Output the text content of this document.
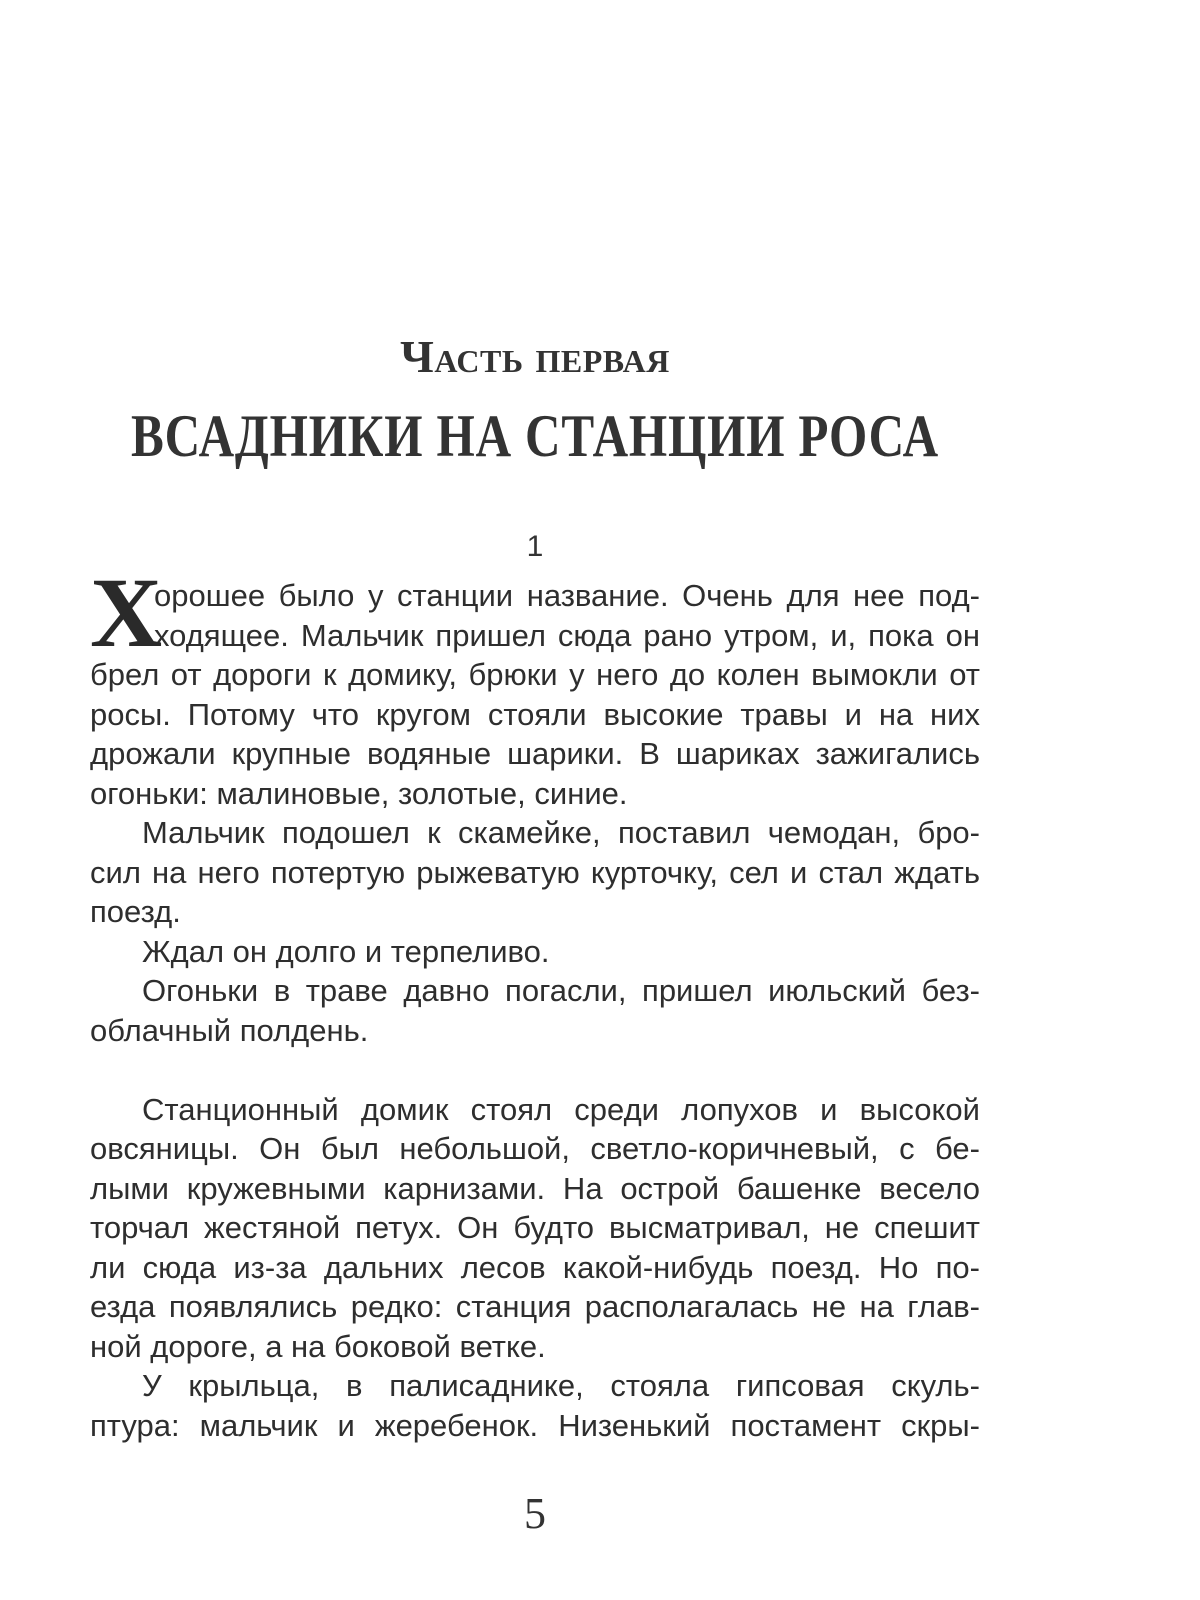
Часть первая
ВСАДНИКИ НА СТАНЦИИ РОСА
1
Х
орошее было у станции название. Очень для нее под-
ходящее. Мальчик пришел сюда рано утром, и, пока он
брел от дороги к домику, брюки у него до колен вымокли от
росы. Потому что кругом стояли высокие травы и на них
дрожали крупные водяные шарики. В шариках зажигались
огоньки: малиновые, золотые, синие.
Мальчик подошел к скамейке, поставил чемодан, бро-
сил на него потертую рыжеватую курточку, сел и стал ждать
поезд.
Ждал он долго и терпеливо.
Огоньки в траве давно погасли, пришел июльский без-
облачный полдень.
Станционный домик стоял среди лопухов и высокой
овсяницы. Он был небольшой, светло-коричневый, с бе-
лыми кружевными карнизами. На острой башенке весело
торчал жестяной петух. Он будто высматривал, не спешит
ли сюда из-за дальних лесов какой-нибудь поезд. Но по-
езда появлялись редко: станция располагалась не на глав-
ной дороге, а на боковой ветке.
У крыльца, в палисаднике, стояла гипсовая скуль-
птура: мальчик и жеребенок. Низенький постамент скры-
5
